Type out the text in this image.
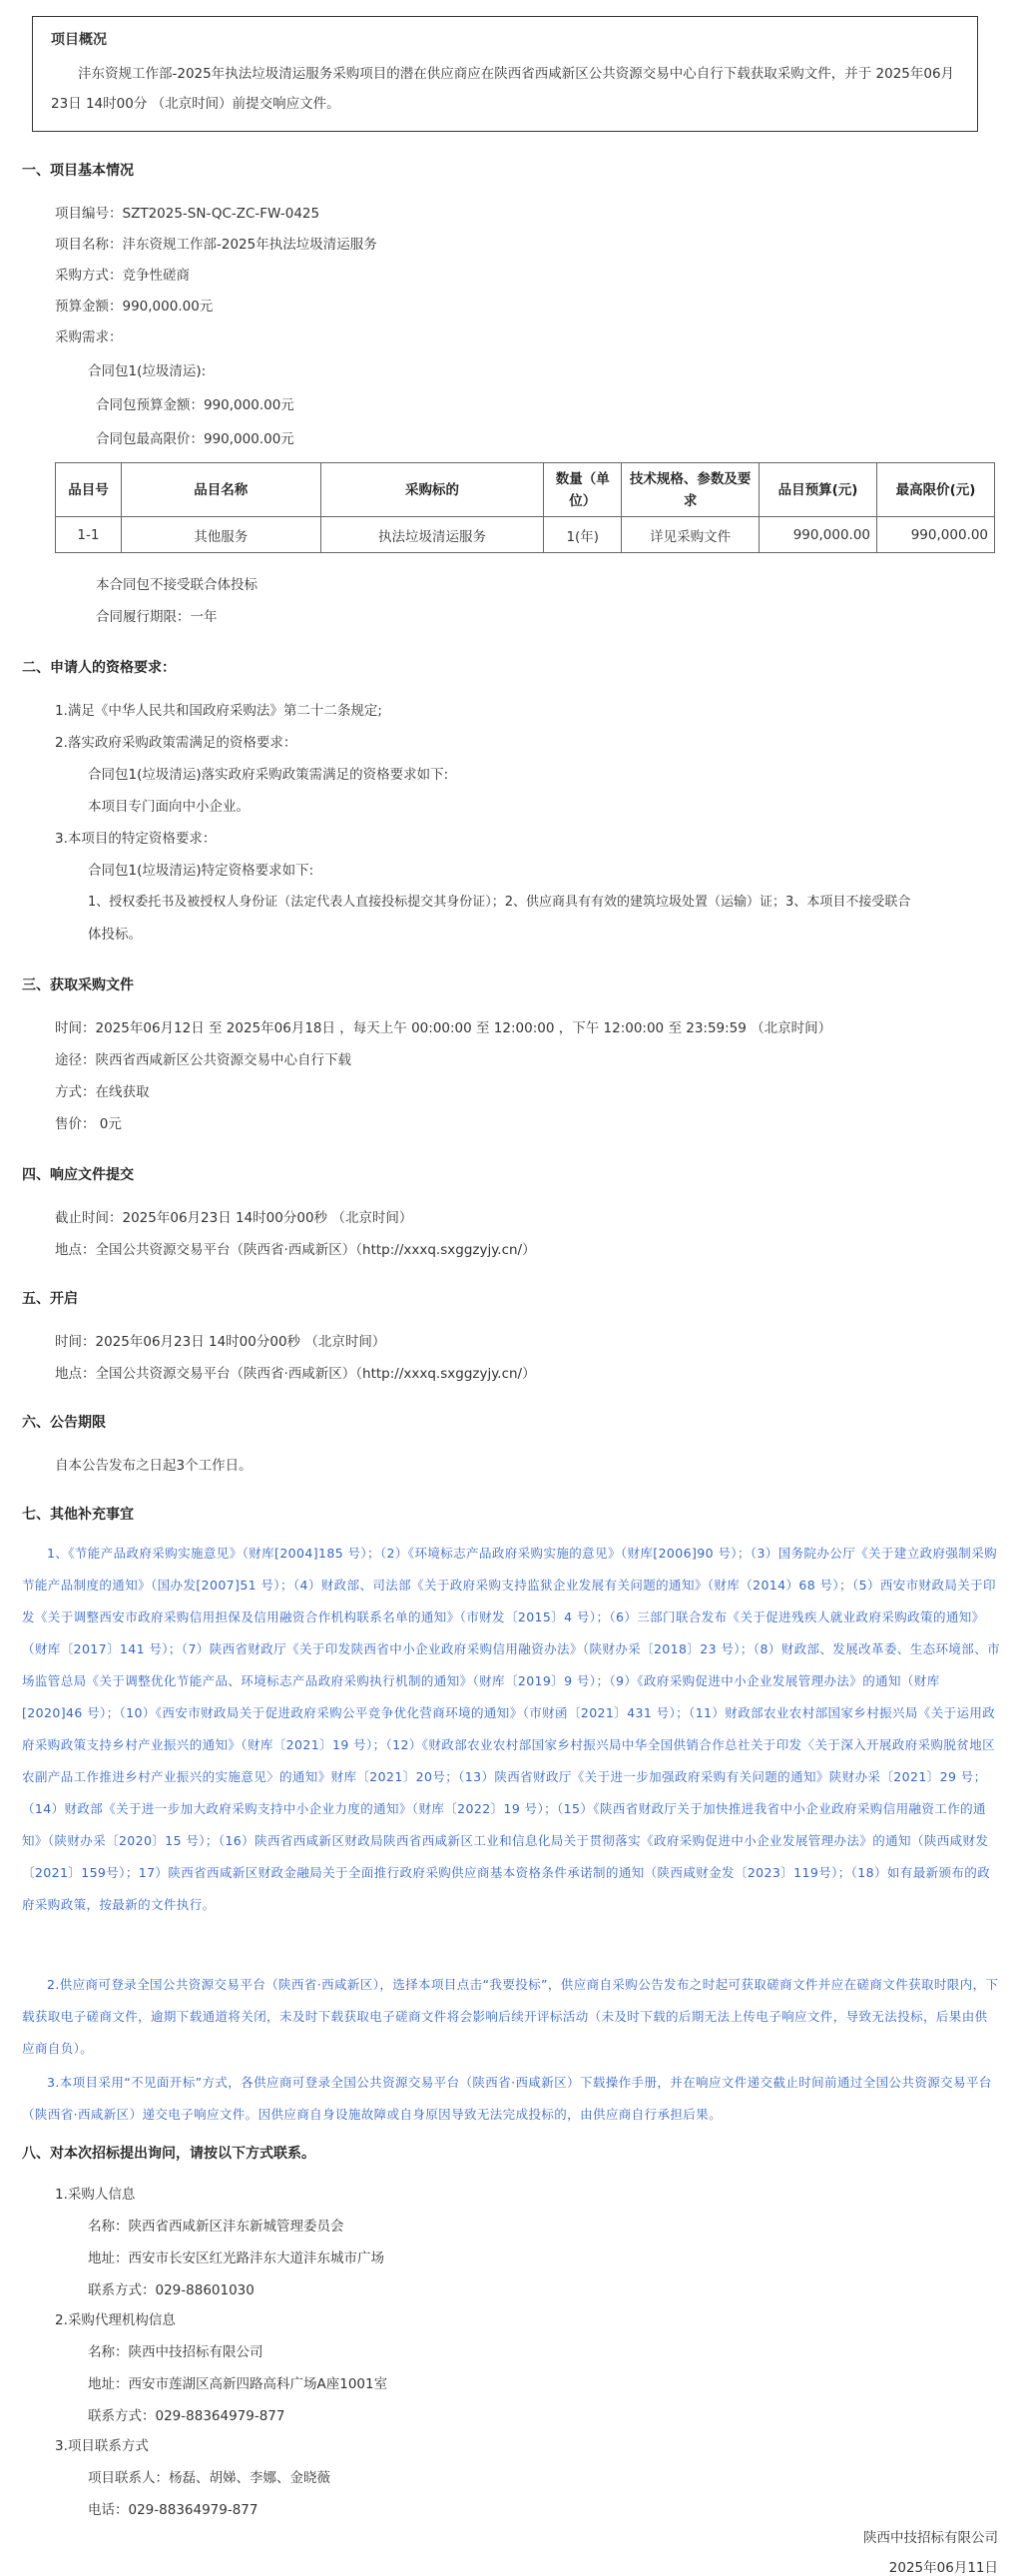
项目概况
沣东资规工作部-2025年执法垃圾清运服务采购项目的潜在供应商应在陕西省西咸新区公共资源交易中心自行下载获取采购文件，并于 2025年06月23日 14时00分 （北京时间）前提交响应文件。
一、项目基本情况
项目编号：SZT2025-SN-QC-ZC-FW-0425
项目名称：沣东资规工作部-2025年执法垃圾清运服务
采购方式：竞争性磋商
预算金额：990,000.00元
采购需求：
合同包1(垃圾清运):
合同包预算金额：990,000.00元
合同包最高限价：990,000.00元
品目号	品目名称	采购标的	数量（单位）	技术规格、参数及要求	品目预算(元)	最高限价(元)
1-1	其他服务	执法垃圾清运服务	1(年)	详见采购文件	990,000.00	990,000.00
本合同包不接受联合体投标
合同履行期限：一年
二、申请人的资格要求：
1.满足《中华人民共和国政府采购法》第二十二条规定;
2.落实政府采购政策需满足的资格要求：
合同包1(垃圾清运)落实政府采购政策需满足的资格要求如下:
本项目专门面向中小企业。
3.本项目的特定资格要求：
合同包1(垃圾清运)特定资格要求如下:
1、授权委托书及被授权人身份证（法定代表人直接投标提交其身份证）；2、供应商具有有效的建筑垃圾处置（运输）证；3、本项目不接受联合
体投标。
三、获取采购文件
时间：2025年06月12日 至 2025年06月18日 ，每天上午 00:00:00 至 12:00:00 ，下午 12:00:00 至 23:59:59 （北京时间）
途径：陕西省西咸新区公共资源交易中心自行下载
方式：在线获取
售价： 0元
四、响应文件提交
截止时间：2025年06月23日 14时00分00秒 （北京时间）
地点：全国公共资源交易平台（陕西省·西咸新区）（http://xxxq.sxggzyjy.cn/）
五、开启
时间：2025年06月23日 14时00分00秒 （北京时间）
地点：全国公共资源交易平台（陕西省·西咸新区）（http://xxxq.sxggzyjy.cn/）
六、公告期限
自本公告发布之日起3个工作日。
七、其他补充事宜
1、《节能产品政府采购实施意见》（财库[2004]185 号）；（2）《环境标志产品政府采购实施的意见》（财库[2006]90 号）；（3）国务院办公厅《关于建立政府强制采购节能产品制度的通知》（国办发[2007]51 号）；（4）财政部、司法部《关于政府采购支持监狱企业发展有关问题的通知》（财库（2014）68 号）；（5）西安市财政局关于印发《关于调整西安市政府采购信用担保及信用融资合作机构联系名单的通知》（市财发〔2015〕4 号）；（6）三部门联合发布《关于促进残疾人就业政府采购政策的通知》（财库〔2017〕141 号）；（7）陕西省财政厅《关于印发陕西省中小企业政府采购信用融资办法》（陕财办采〔2018〕23 号）；（8）财政部、发展改革委、生态环境部、市场监管总局《关于调整优化节能产品、环境标志产品政府采购执行机制的通知》（财库〔2019〕9 号）；（9）《政府采购促进中小企业发展管理办法》的通知（财库[2020]46 号）；（10）《西安市财政局关于促进政府采购公平竞争优化营商环境的通知》（市财函〔2021〕431 号）；（11）财政部农业农村部国家乡村振兴局《关于运用政府采购政策支持乡村产业振兴的通知》（财库〔2021〕19 号）；（12）《财政部农业农村部国家乡村振兴局中华全国供销合作总社关于印发〈关于深入开展政府采购脱贫地区农副产品工作推进乡村产业振兴的实施意见〉的通知》财库〔2021〕20号；（13）陕西省财政厅《关于进一步加强政府采购有关问题的通知》陕财办采〔2021〕29 号；（14）财政部《关于进一步加大政府采购支持中小企业力度的通知》（财库〔2022〕19 号）；（15）《陕西省财政厅关于加快推进我省中小企业政府采购信用融资工作的通知》（陕财办采〔2020〕15 号）；（16）陕西省西咸新区财政局陕西省西咸新区工业和信息化局关于贯彻落实《政府采购促进中小企业发展管理办法》的通知（陕西咸财发〔2021〕159号）；17）陕西省西咸新区财政金融局关于全面推行政府采购供应商基本资格条件承诺制的通知（陕西咸财金发〔2023〕119号）；（18）如有最新颁布的政府采购政策，按最新的文件执行。
2.供应商可登录全国公共资源交易平台（陕西省·西咸新区），选择本项目点击“我要投标”，供应商自采购公告发布之时起可获取磋商文件并应在磋商文件获取时限内，下载获取电子磋商文件，逾期下载通道将关闭，未及时下载获取电子磋商文件将会影响后续开评标活动（未及时下载的后期无法上传电子响应文件，导致无法投标，后果由供应商自负）。
3.本项目采用“不见面开标”方式，各供应商可登录全国公共资源交易平台（陕西省·西咸新区）下载操作手册，并在响应文件递交截止时间前通过全国公共资源交易平台（陕西省·西咸新区）递交电子响应文件。因供应商自身设施故障或自身原因导致无法完成投标的，由供应商自行承担后果。
八、对本次招标提出询问，请按以下方式联系。
1.采购人信息
名称：陕西省西咸新区沣东新城管理委员会
地址：西安市长安区红光路沣东大道沣东城市广场
联系方式：029-88601030
2.采购代理机构信息
名称：陕西中技招标有限公司
地址：西安市莲湖区高新四路高科广场A座1001室
联系方式：029-88364979-877
3.项目联系方式
项目联系人：杨磊、胡娣、李娜、金晓薇
电话：029-88364979-877
陕西中技招标有限公司
2025年06月11日
